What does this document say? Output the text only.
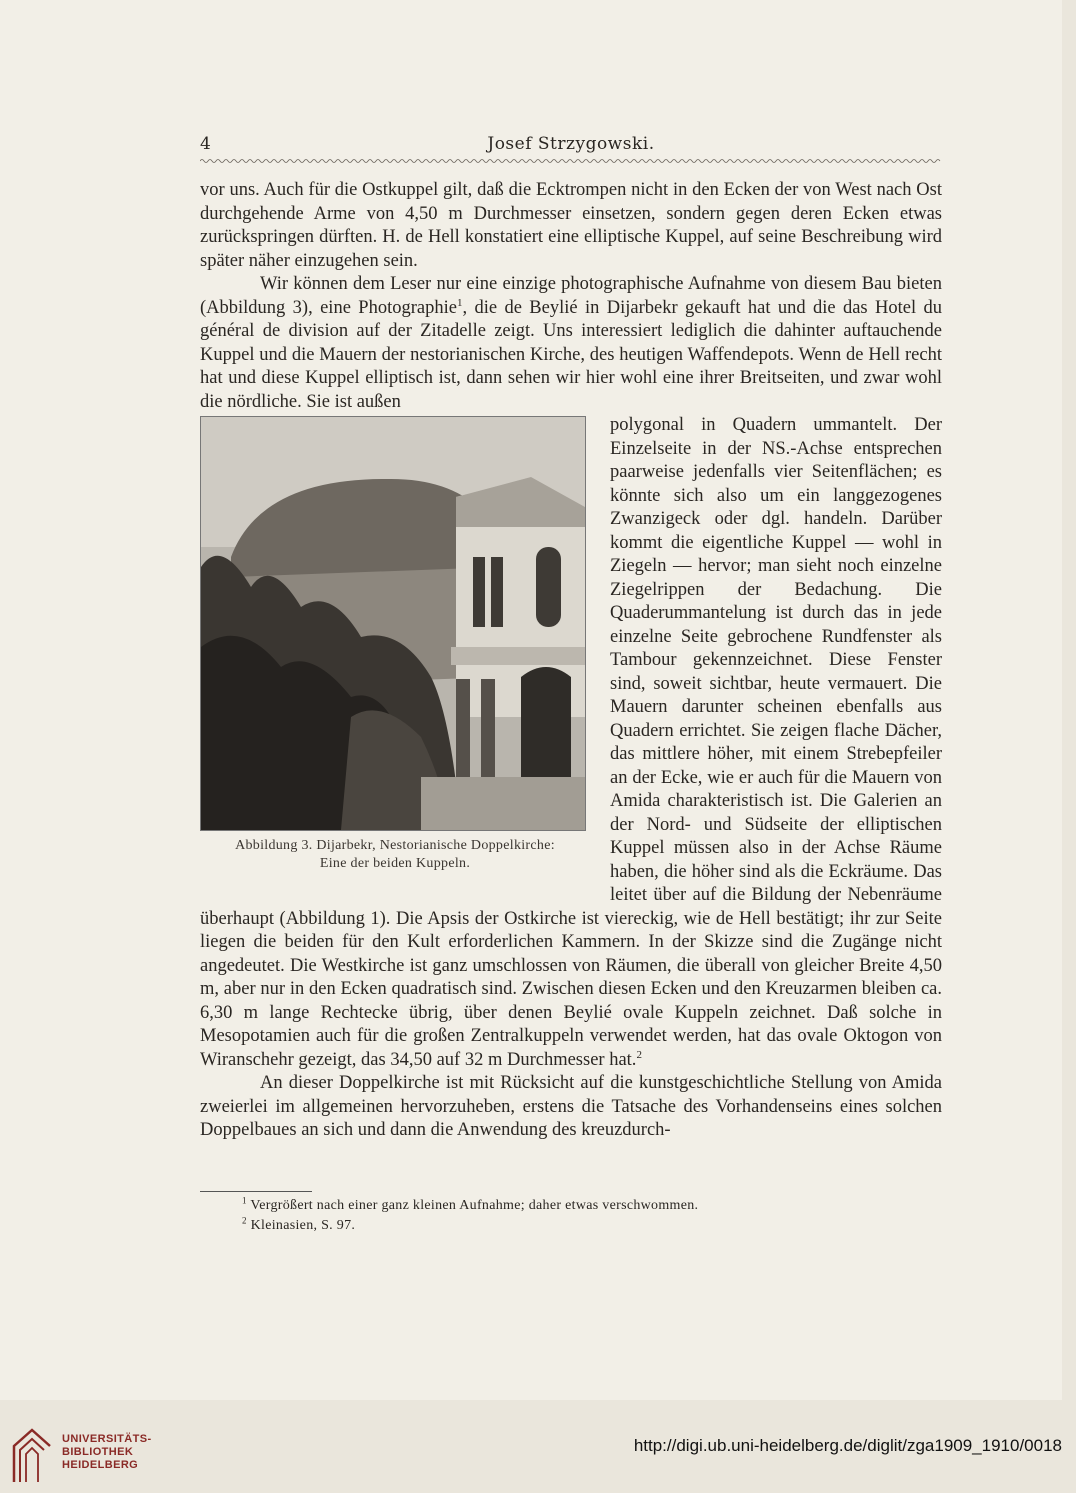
4	Josef Strzygowski.

vor uns. Auch für die Ostkuppel gilt, daß die Ecktrompen nicht in den Ecken der von West nach Ost durchgehende Arme von 4,50 m Durchmesser einsetzen, sondern gegen deren Ecken etwas zurückspringen dürften. H. de Hell konstatiert eine elliptische Kuppel, auf seine Beschreibung wird später näher einzugehen sein.

Wir können dem Leser nur eine einzige photographische Aufnahme von diesem Bau bieten (Abbildung 3), eine Photographie$^1$, die de Beylié in Dijarbekr gekauft hat und die das Hotel du général de division auf der Zitadelle zeigt. Uns interessiert lediglich die dahinter auftauchende Kuppel und die Mauern der nestorianischen Kirche, des heutigen Waffendepots. Wenn de Hell recht hat und diese Kuppel elliptisch ist, dann sehen wir hier wohl eine ihrer Breitseiten, und zwar wohl die nördliche. Sie ist außen

Abbildung 3. Dijarbekr, Nestorianische Doppelkirche:
Eine der beiden Kuppeln.

polygonal in Quadern ummantelt. Der Einzelseite in der NS.-Achse entsprechen paarweise jedenfalls vier Seitenflächen; es könnte sich also um ein langgezogenes Zwanzigeck oder dgl. handeln. Darüber kommt die eigentliche Kuppel — wohl in Ziegeln — hervor; man sieht noch einzelne Ziegelrippen der Bedachung. Die Quaderummantelung ist durch das in jede einzelne Seite gebrochene Rundfenster als Tambour gekennzeichnet. Diese Fenster sind, soweit sichtbar, heute vermauert. Die Mauern darunter scheinen ebenfalls aus Quadern errichtet. Sie zeigen flache Dächer, das mittlere höher, mit einem Strebepfeiler an der Ecke, wie er auch für die Mauern von Amida charakteristisch ist. Die Galerien an der Nord- und Südseite der elliptischen Kuppel müssen also in der Achse Räume haben, die höher sind als die Eckräume. Das leitet über auf die Bildung der Nebenräume überhaupt (Abbildung 1). Die Apsis der Ostkirche ist viereckig, wie de Hell bestätigt; ihr zur Seite liegen die beiden für den Kult erforderlichen Kammern. In der Skizze sind die Zugänge nicht angedeutet. Die Westkirche ist ganz umschlossen von Räumen, die überall von gleicher Breite 4,50 m, aber nur in den Ecken quadratisch sind. Zwischen diesen Ecken und den Kreuzarmen bleiben ca. 6,30 m lange Rechtecke übrig, über denen Beylié ovale Kuppeln zeichnet. Daß solche in Mesopotamien auch für die großen Zentralkuppeln verwendet werden, hat das ovale Oktogon von Wiranschehr gezeigt, das 34,50 auf 32 m Durchmesser hat.$^2$

An dieser Doppelkirche ist mit Rücksicht auf die kunstgeschichtliche Stellung von Amida zweierlei im allgemeinen hervorzuheben, erstens die Tatsache des Vorhandenseins eines solchen Doppelbaues an sich und dann die Anwendung des kreuzdurch-

$^1$ Vergrößert nach einer ganz kleinen Aufnahme; daher etwas verschwommen.
$^2$ Kleinasien, S. 97.
UNIVERSITÄTS-
BIBLIOTHEK
HEIDELBERG
http://digi.ub.uni-heidelberg.de/diglit/zga1909_1910/0018
